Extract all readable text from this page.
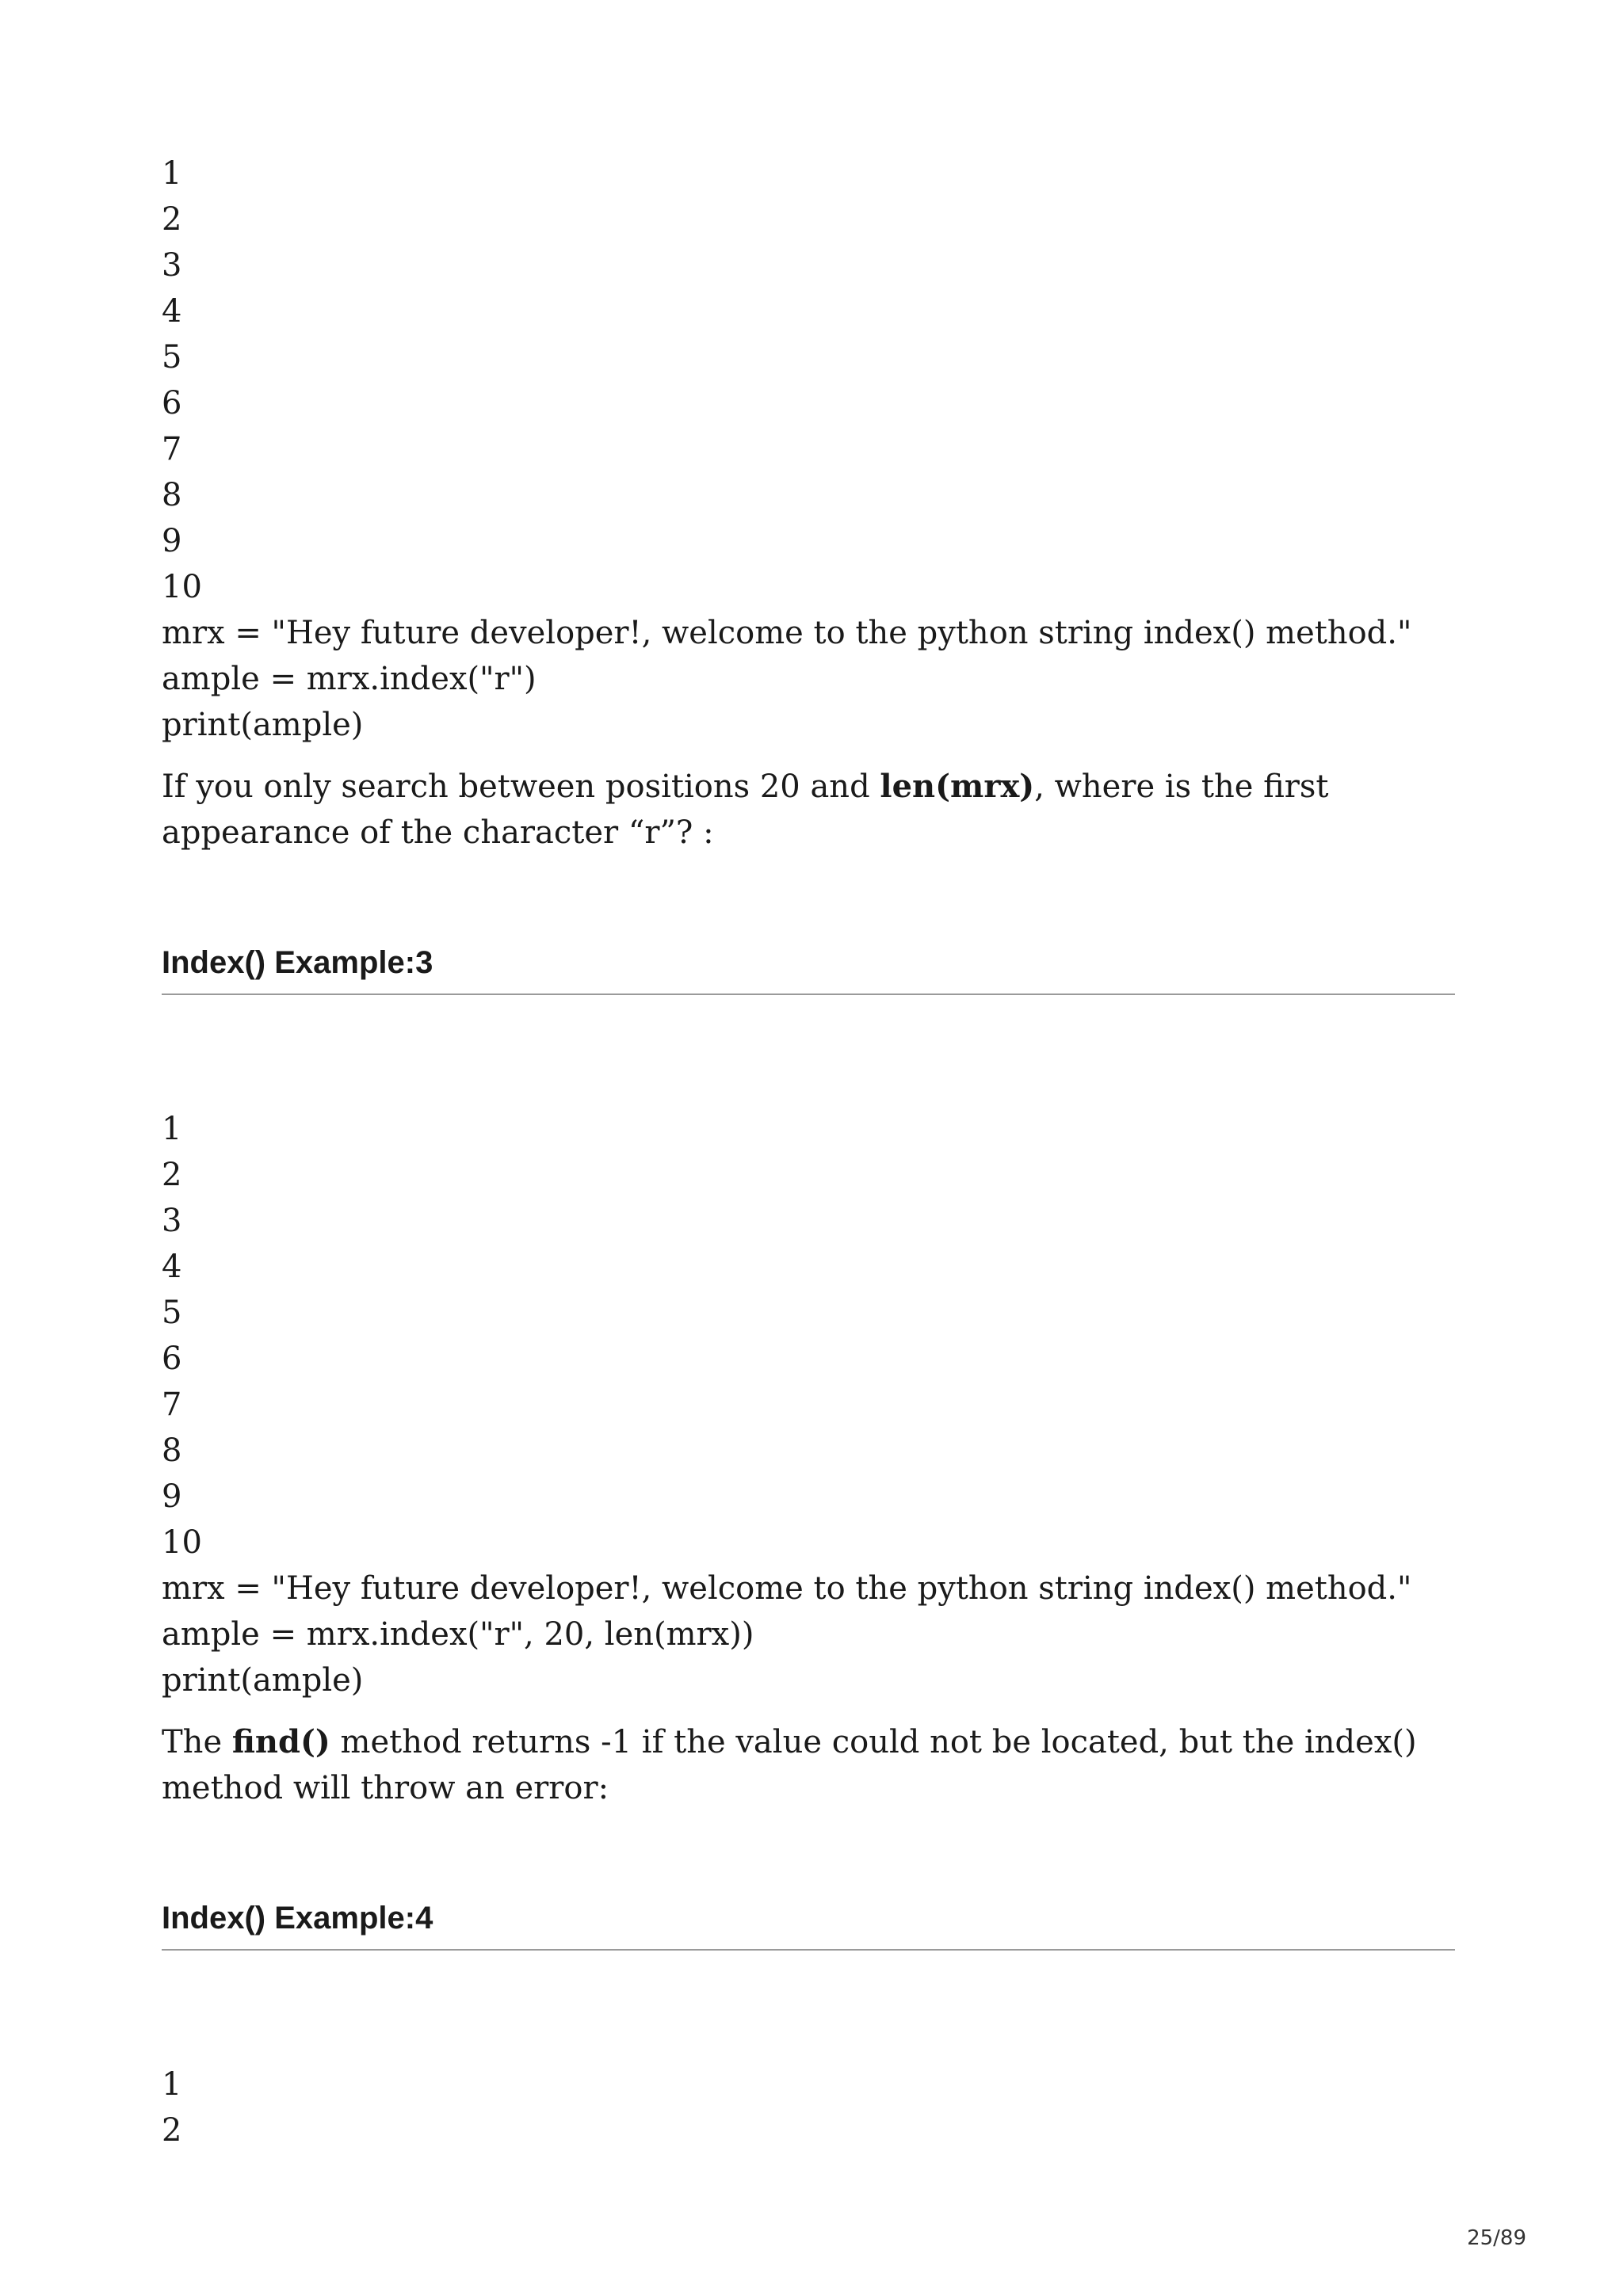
1
2
3
4
5
6
7
8
9
10
mrx = "Hey future developer!, welcome to the python string index() method."
ample = mrx.index("r")
print(ample)

If you only search between positions 20 and len(mrx), where is the first appearance of the character “r”? :

Index() Example:3
1
2
3
4
5
6
7
8
9
10
mrx = "Hey future developer!, welcome to the python string index() method."
ample = mrx.index("r", 20, len(mrx))
print(ample)

The find() method returns -1 if the value could not be located, but the index() method will throw an error:

Index() Example:4
1
2
25/89
